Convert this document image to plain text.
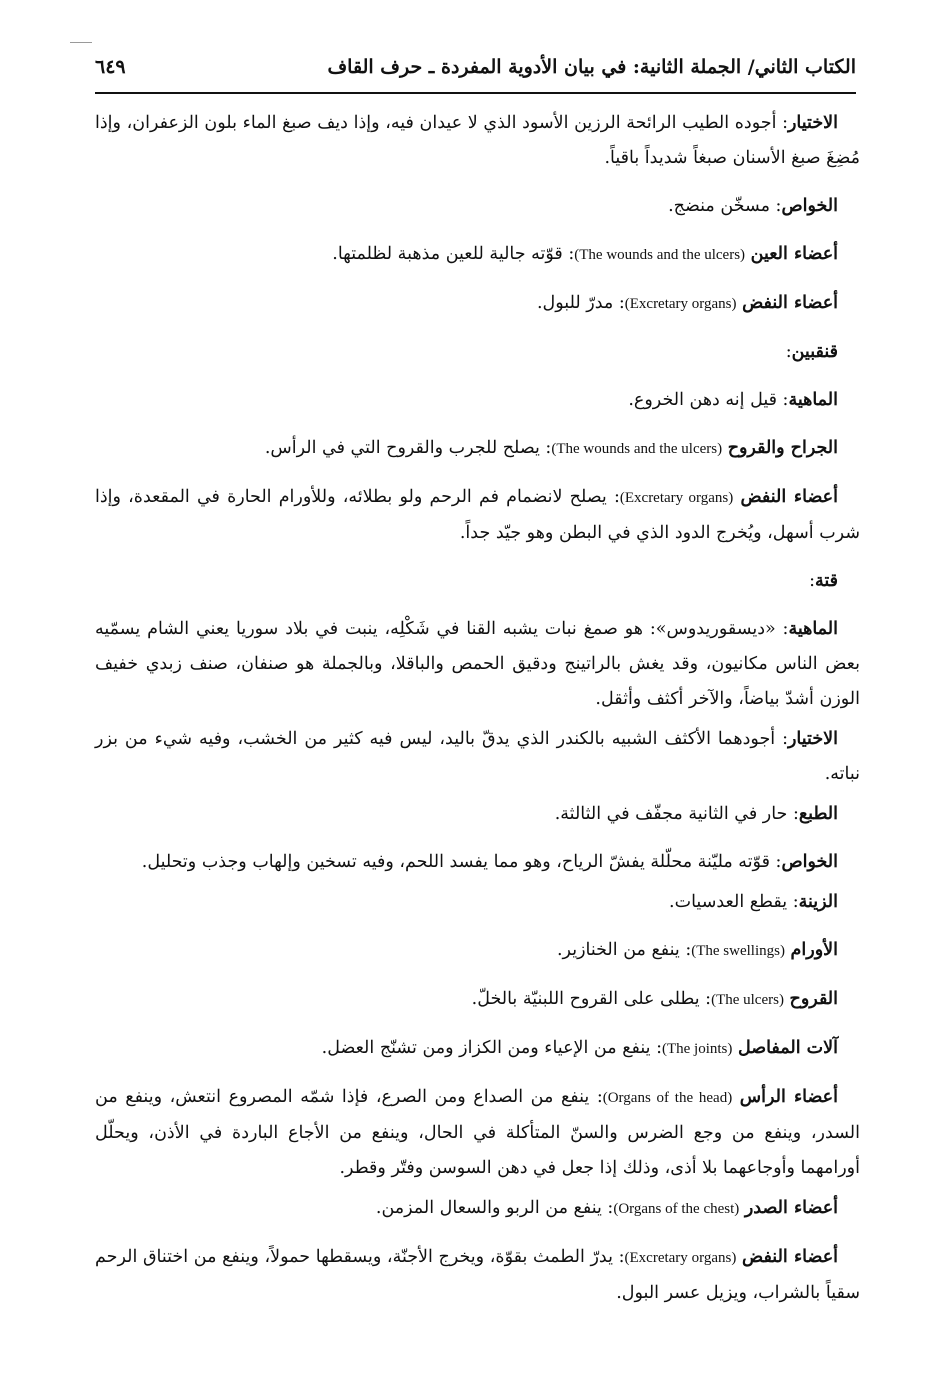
الكتاب الثاني/ الجملة الثانية: في بيان الأدوية المفردة ـ حرف القاف
٦٤٩

الاختيار: أجوده الطيب الرائحة الرزين الأسود الذي لا عيدان فيه، وإذا ديف صبغ الماء بلون الزعفران، وإذا مُضِغَ صبغ الأسنان صبغاً شديداً باقياً.

الخواص: مسخّن منضج.

أعضاء العين (The wounds and the ulcers): قوّته جالية للعين مذهبة لظلمتها.

أعضاء النفض (Excretary organs): مدرّ للبول.

قنقبين:

الماهية: قيل إنه دهن الخروع.

الجراح والقروح (The wounds and the ulcers): يصلح للجرب والقروح التي في الرأس.

أعضاء النفض (Excretary organs): يصلح لانضمام فم الرحم ولو بطلائه، وللأورام الحارة في المقعدة، وإذا شرب أسهل، ويُخرج الدود الذي في البطن وهو جيّد جداً.

قتة:

الماهية: «ديسقوريدوس»: هو صمغ نبات يشبه القنا في شَكْلِه، ينبت في بلاد سوريا يعني الشام يسمّيه بعض الناس مكانيون، وقد يغش بالراتينج ودقيق الحمص والباقلا، وبالجملة هو صنفان، صنف زبدي خفيف الوزن أشدّ بياضاً، والآخر أكثف وأثقل.

الاختيار: أجودهما الأكثف الشبيه بالكندر الذي يدقّ باليد، ليس فيه كثير من الخشب، وفيه شيء من بزر نباته.

الطبع: حار في الثانية مجفّف في الثالثة.

الخواص: قوّته مليّنة محلّلة يفشّ الرياح، وهو مما يفسد اللحم، وفيه تسخين وإلهاب وجذب وتحليل.

الزينة: يقطع العدسيات.

الأورام (The swellings): ينفع من الخنازير.

القروح (The ulcers): يطلى على القروح اللبنيّة بالخلّ.

آلات المفاصل (The joints): ينفع من الإعياء ومن الكزاز ومن تشنّج العضل.

أعضاء الرأس (Organs of the head): ينفع من الصداع ومن الصرع، فإذا شمّه المصروع انتعش، وينفع من السدر، وينفع من وجع الضرس والسنّ المتأكلة في الحال، وينفع من الأجاع الباردة في الأذن، ويحلّل أورامهما وأوجاعهما بلا أذى، وذلك إذا جعل في دهن السوسن وفتّر وقطر.

أعضاء الصدر (Organs of the chest): ينفع من الربو والسعال المزمن.

أعضاء النفض (Excretary organs): يدرّ الطمث بقوّة، ويخرج الأجنّة، ويسقطها حمولاً، وينفع من اختناق الرحم سقياً بالشراب، ويزيل عسر البول.
